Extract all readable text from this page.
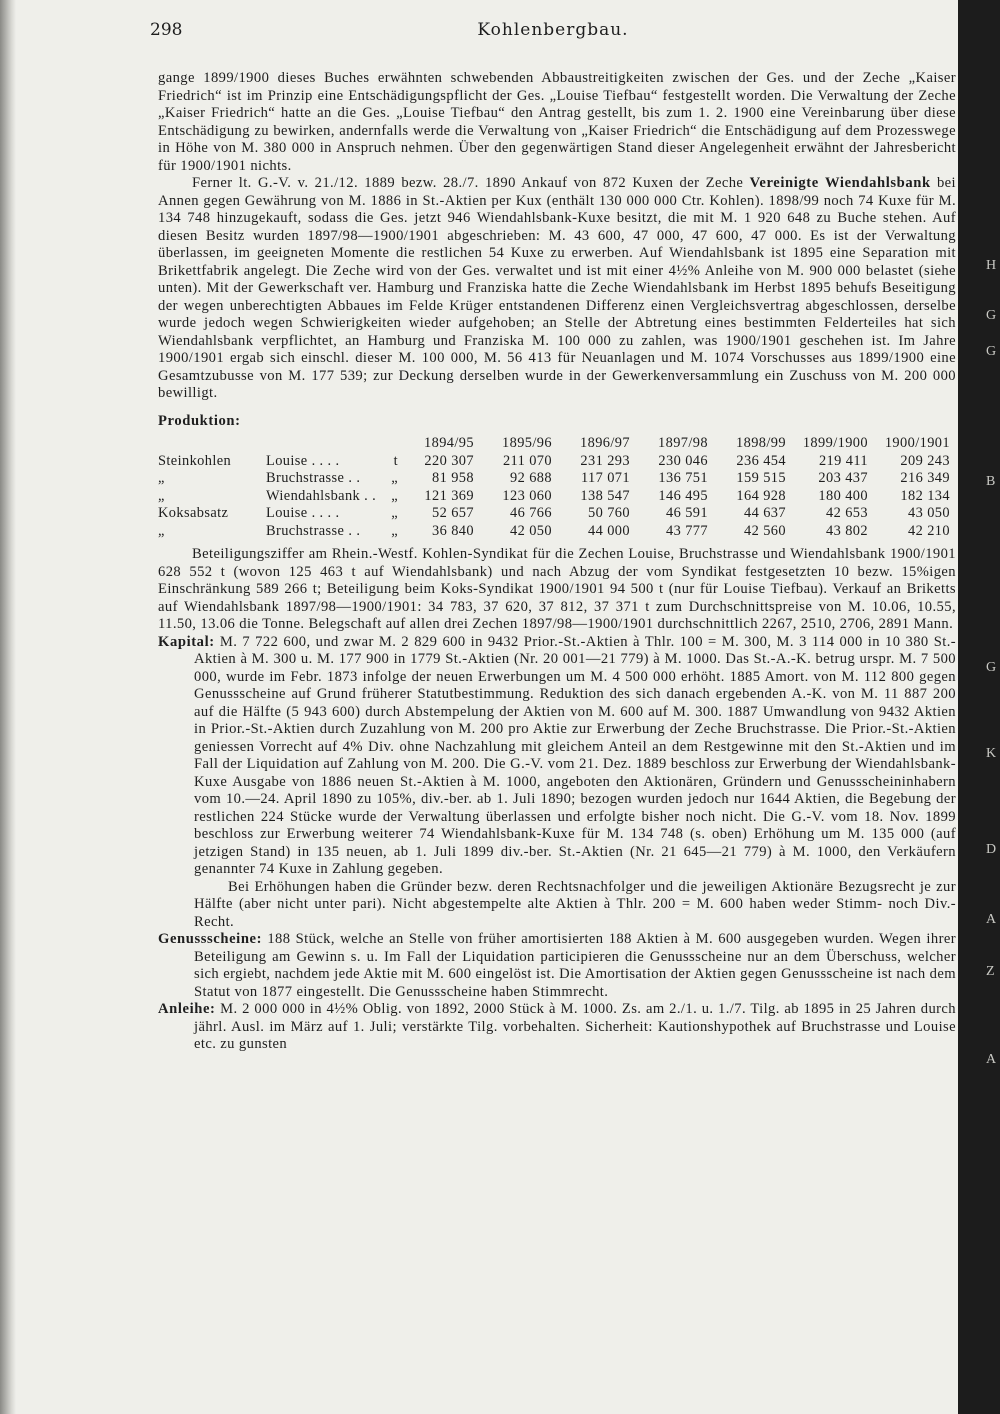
298	Kohlenbergbau.

gange 1899/1900 dieses Buches erwähnten schwebenden Abbaustreitigkeiten zwischen der Ges. und der Zeche „Kaiser Friedrich“ ist im Prinzip eine Entschädigungspflicht der Ges. „Louise Tiefbau“ festgestellt worden. Die Verwaltung der Zeche „Kaiser Friedrich“ hatte an die Ges. „Louise Tiefbau“ den Antrag gestellt, bis zum 1. 2. 1900 eine Vereinbarung über diese Entschädigung zu bewirken, andernfalls werde die Verwaltung von „Kaiser Friedrich“ die Entschädigung auf dem Prozesswege in Höhe von M. 380 000 in Anspruch nehmen. Über den gegenwärtigen Stand dieser Angelegenheit erwähnt der Jahresbericht für 1900/1901 nichts.

Ferner lt. G.-V. v. 21./12. 1889 bezw. 28./7. 1890 Ankauf von 872 Kuxen der Zeche Vereinigte Wiendahlsbank bei Annen gegen Gewährung von M. 1886 in St.-Aktien per Kux (enthält 130 000 000 Ctr. Kohlen). 1898/99 noch 74 Kuxe für M. 134 748 hinzugekauft, sodass die Ges. jetzt 946 Wiendahlsbank-Kuxe besitzt, die mit M. 1 920 648 zu Buche stehen. Auf diesen Besitz wurden 1897/98—1900/1901 abgeschrieben: M. 43 600, 47 000, 47 600, 47 000. Es ist der Verwaltung überlassen, im geeigneten Momente die restlichen 54 Kuxe zu erwerben. Auf Wiendahlsbank ist 1895 eine Separation mit Brikettfabrik angelegt. Die Zeche wird von der Ges. verwaltet und ist mit einer 4½% Anleihe von M. 900 000 belastet (siehe unten). Mit der Gewerkschaft ver. Hamburg und Franziska hatte die Zeche Wiendahlsbank im Herbst 1895 behufs Beseitigung der wegen unberechtigten Abbaues im Felde Krüger entstandenen Differenz einen Vergleichsvertrag abgeschlossen, derselbe wurde jedoch wegen Schwierigkeiten wieder aufgehoben; an Stelle der Abtretung eines bestimmten Felderteiles hat sich Wiendahlsbank verpflichtet, an Hamburg und Franziska M. 100 000 zu zahlen, was 1900/1901 geschehen ist. Im Jahre 1900/1901 ergab sich einschl. dieser M. 100 000, M. 56 413 für Neuanlagen und M. 1074 Vorschusses aus 1899/1900 eine Gesamtzubusse von M. 177 539; zur Deckung derselben wurde in der Gewerkenversammlung ein Zuschuss von M. 200 000 bewilligt.

Produktion:

			1894/95	1895/96	1896/97	1897/98	1898/99	1899/1900	1900/1901
Steinkohlen	Louise . . . .	t	220 307	211 070	231 293	230 046	236 454	219 411	209 243
„	Bruchstrasse . .	„	81 958	92 688	117 071	136 751	159 515	203 437	216 349
„	Wiendahlsbank . .	„	121 369	123 060	138 547	146 495	164 928	180 400	182 134
Koksabsatz	Louise . . . .	„	52 657	46 766	50 760	46 591	44 637	42 653	43 050
„	Bruchstrasse . .	„	36 840	42 050	44 000	43 777	42 560	43 802	42 210

Beteiligungsziffer am Rhein.-Westf. Kohlen-Syndikat für die Zechen Louise, Bruchstrasse und Wiendahlsbank 1900/1901 628 552 t (wovon 125 463 t auf Wiendahlsbank) und nach Abzug der vom Syndikat festgesetzten 10 bezw. 15%igen Einschränkung 589 266 t; Beteiligung beim Koks-Syndikat 1900/1901 94 500 t (nur für Louise Tiefbau). Verkauf an Briketts auf Wiendahlsbank 1897/98—1900/1901: 34 783, 37 620, 37 812, 37 371 t zum Durchschnittspreise von M. 10.06, 10.55, 11.50, 13.06 die Tonne. Belegschaft auf allen drei Zechen 1897/98—1900/1901 durchschnittlich 2267, 2510, 2706, 2891 Mann.

Kapital: M. 7 722 600, und zwar M. 2 829 600 in 9432 Prior.-St.-Aktien à Thlr. 100 = M. 300, M. 3 114 000 in 10 380 St.-Aktien à M. 300 u. M. 177 900 in 1779 St.-Aktien (Nr. 20 001—21 779) à M. 1000. Das St.-A.-K. betrug urspr. M. 7 500 000, wurde im Febr. 1873 infolge der neuen Erwerbungen um M. 4 500 000 erhöht. 1885 Amort. von M. 112 800 gegen Genussscheine auf Grund früherer Statutbestimmung. Reduktion des sich danach ergebenden A.-K. von M. 11 887 200 auf die Hälfte (5 943 600) durch Abstempelung der Aktien von M. 600 auf M. 300. 1887 Umwandlung von 9432 Aktien in Prior.-St.-Aktien durch Zuzahlung von M. 200 pro Aktie zur Erwerbung der Zeche Bruchstrasse. Die Prior.-St.-Aktien geniessen Vorrecht auf 4% Div. ohne Nachzahlung mit gleichem Anteil an dem Restgewinne mit den St.-Aktien und im Fall der Liquidation auf Zahlung von M. 200. Die G.-V. vom 21. Dez. 1889 beschloss zur Erwerbung der Wiendahlsbank-Kuxe Ausgabe von 1886 neuen St.-Aktien à M. 1000, angeboten den Aktionären, Gründern und Genussscheininhabern vom 10.—24. April 1890 zu 105%, div.-ber. ab 1. Juli 1890; bezogen wurden jedoch nur 1644 Aktien, die Begebung der restlichen 224 Stücke wurde der Verwaltung überlassen und erfolgte bisher noch nicht. Die G.-V. vom 18. Nov. 1899 beschloss zur Erwerbung weiterer 74 Wiendahlsbank-Kuxe für M. 134 748 (s. oben) Erhöhung um M. 135 000 (auf jetzigen Stand) in 135 neuen, ab 1. Juli 1899 div.-ber. St.-Aktien (Nr. 21 645—21 779) à M. 1000, den Verkäufern genannter 74 Kuxe in Zahlung gegeben.

Bei Erhöhungen haben die Gründer bezw. deren Rechtsnachfolger und die jeweiligen Aktionäre Bezugsrecht je zur Hälfte (aber nicht unter pari). Nicht abgestempelte alte Aktien à Thlr. 200 = M. 600 haben weder Stimm- noch Div.-Recht.

Genussscheine: 188 Stück, welche an Stelle von früher amortisierten 188 Aktien à M. 600 ausgegeben wurden. Wegen ihrer Beteiligung am Gewinn s. u. Im Fall der Liquidation participieren die Genussscheine nur an dem Überschuss, welcher sich ergiebt, nachdem jede Aktie mit M. 600 eingelöst ist. Die Amortisation der Aktien gegen Genussscheine ist nach dem Statut von 1877 eingestellt. Die Genussscheine haben Stimmrecht.

Anleihe: M. 2 000 000 in 4½% Oblig. von 1892, 2000 Stück à M. 1000. Zs. am 2./1. u. 1./7. Tilg. ab 1895 in 25 Jahren durch jährl. Ausl. im März auf 1. Juli; verstärkte Tilg. vorbehalten. Sicherheit: Kautionshypothek auf Bruchstrasse und Louise etc. zu gunsten

H
G
G
B
G
K
D
A
Z
A
